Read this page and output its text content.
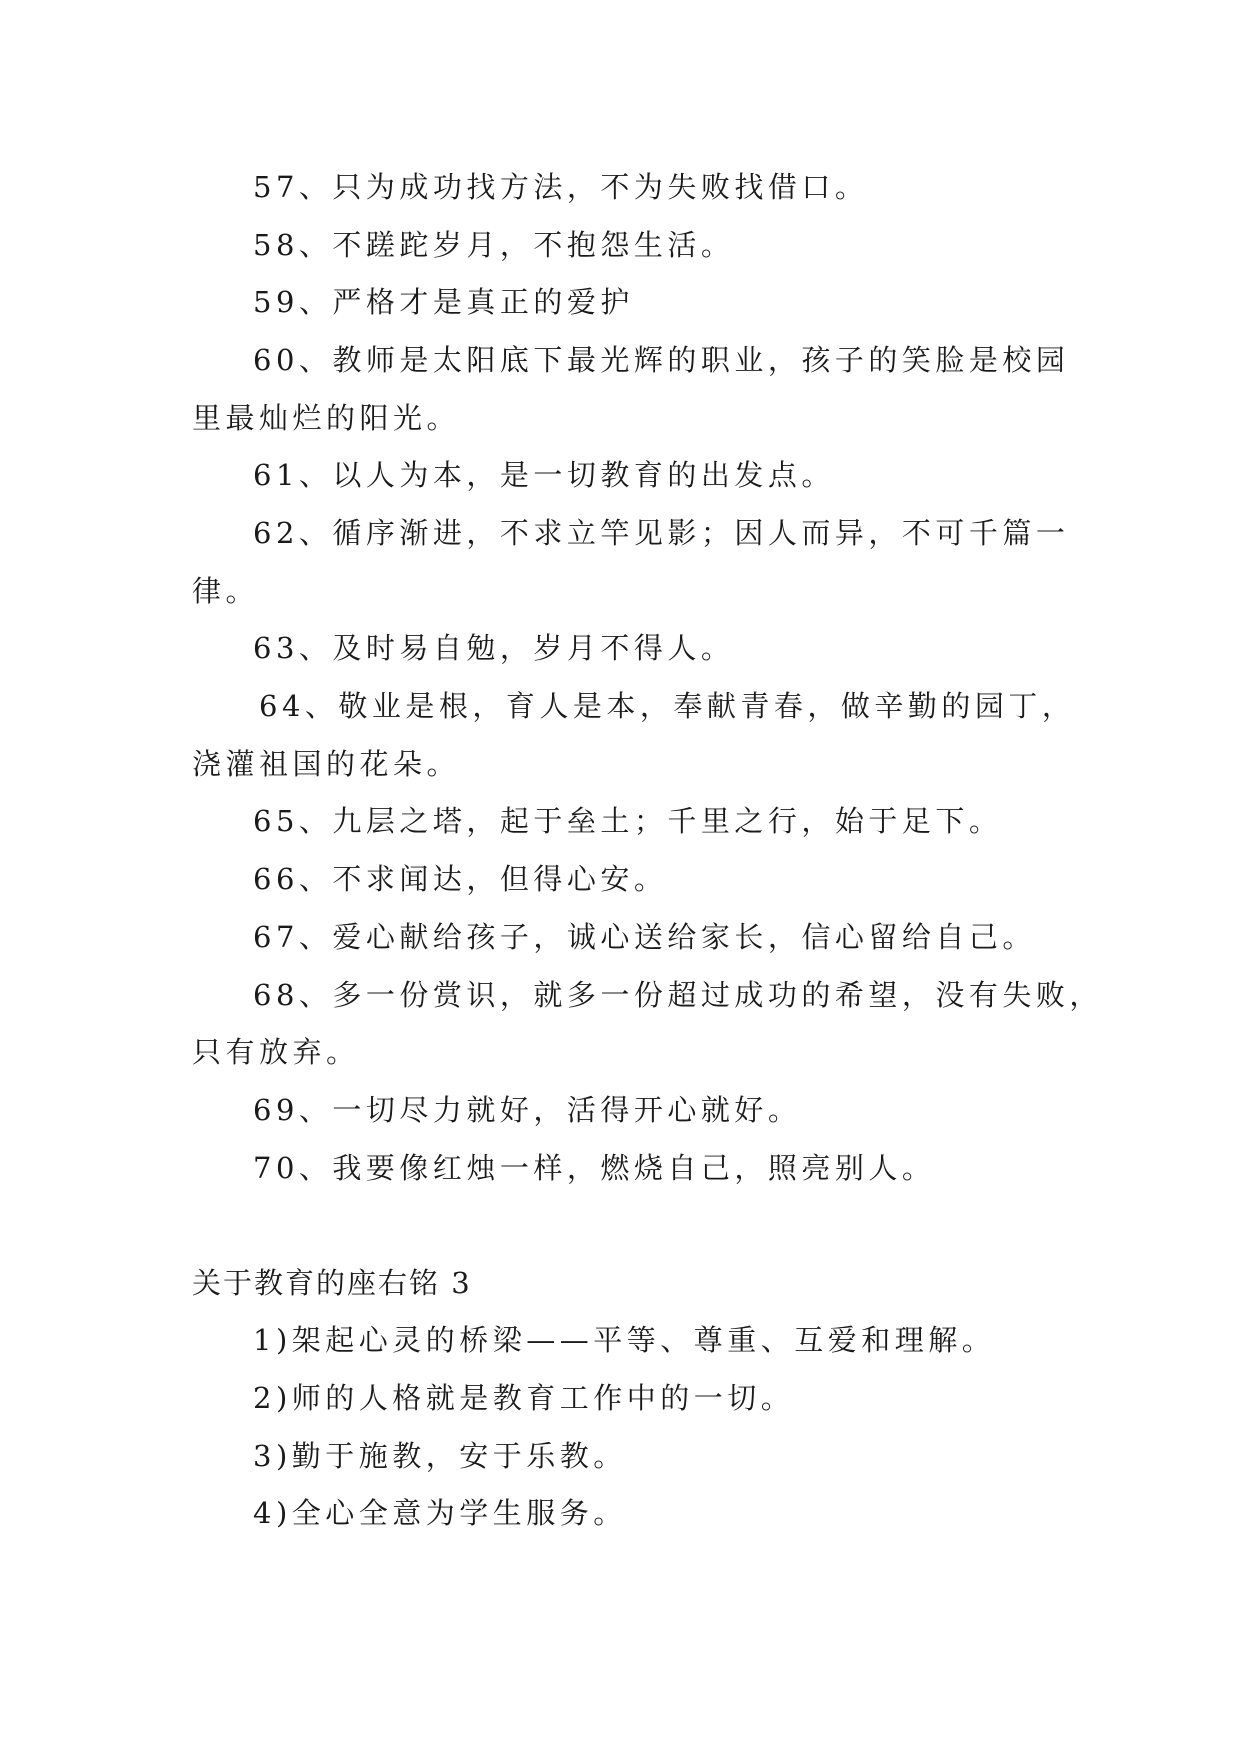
57、只为成功找方法，不为失败找借口。
58、不蹉跎岁月，不抱怨生活。
59、严格才是真正的爱护
60、教师是太阳底下最光辉的职业，孩子的笑脸是校园
里最灿烂的阳光。
61、以人为本，是一切教育的出发点。
62、循序渐进，不求立竿见影；因人而异，不可千篇一
律。
63、及时易自勉，岁月不得人。
64、敬业是根，育人是本，奉献青春，做辛勤的园丁，
浇灌祖国的花朵。
65、九层之塔，起于垒土；千里之行，始于足下。
66、不求闻达，但得心安。
67、爱心献给孩子，诚心送给家长，信心留给自己。
68、多一份赏识，就多一份超过成功的希望，没有失败，
只有放弃。
69、一切尽力就好，活得开心就好。
70、我要像红烛一样，燃烧自己，照亮别人。
关于教育的座右铭 3
1)架起心灵的桥梁——平等、尊重、互爱和理解。
2)师的人格就是教育工作中的一切。
3)勤于施教，安于乐教。
4)全心全意为学生服务。
